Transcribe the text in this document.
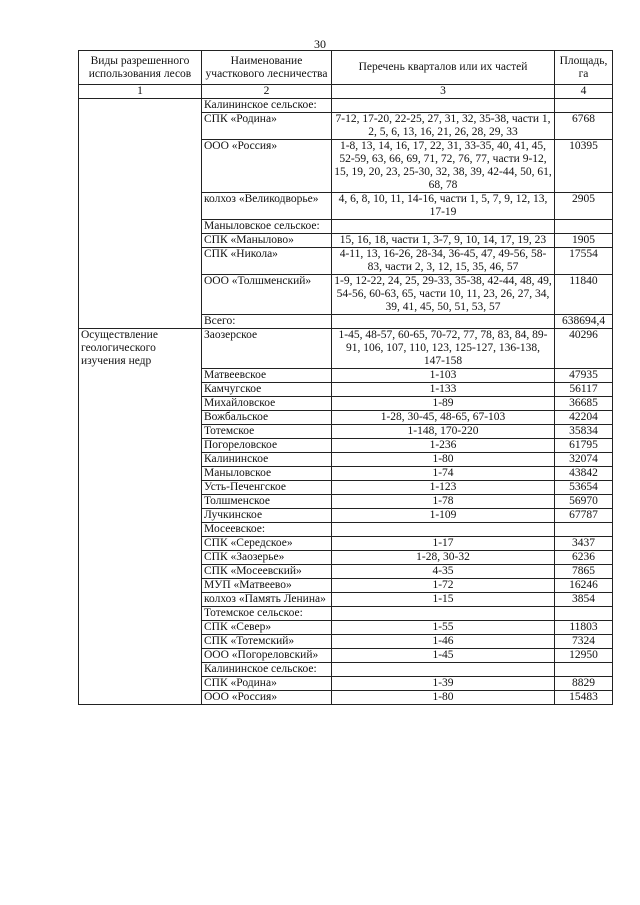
30
Виды разрешенного использования лесов	Наименование участкового лесничества	Перечень кварталов или их частей	Площадь, га
1	2	3	4
	Калининское сельское:		
	СПК «Родина»	7-12, 17-20, 22-25, 27, 31, 32, 35-38, части 1, 2, 5, 6, 13, 16, 21, 26, 28, 29, 33	6768
	ООО «Россия»	1-8, 13, 14, 16, 17, 22, 31, 33-35, 40, 41, 45, 52-59, 63, 66, 69, 71, 72, 76, 77, части 9-12, 15, 19, 20, 23, 25-30, 32, 38, 39, 42-44, 50, 61, 68, 78	10395
	колхоз «Великодворье»	4, 6, 8, 10, 11, 14-16, части 1, 5, 7, 9, 12, 13, 17-19	2905
	Маныловское сельское:		
	СПК «Манылово»	15, 16, 18, части 1, 3-7, 9, 10, 14, 17, 19, 23	1905
	СПК «Никола»	4-11, 13, 16-26, 28-34, 36-45, 47, 49-56, 58-83, части 2, 3, 12, 15, 35, 46, 57	17554
	ООО «Толшменский»	1-9, 12-22, 24, 25, 29-33, 35-38, 42-44, 48, 49, 54-56, 60-63, 65, части 10, 11, 23, 26, 27, 34, 39, 41, 45, 50, 51, 53, 57	11840
	Всего:		638694,4
Осуществление геологического изучения недр	Заозерское	1-45, 48-57, 60-65, 70-72, 77, 78, 83, 84, 89-91, 106, 107, 110, 123, 125-127, 136-138, 147-158	40296
	Матвеевское	1-103	47935
	Камчугское	1-133	56117
	Михайловское	1-89	36685
	Вожбальское	1-28, 30-45, 48-65, 67-103	42204
	Тотемское	1-148, 170-220	35834
	Погореловское	1-236	61795
	Калининское	1-80	32074
	Маныловское	1-74	43842
	Усть-Печенгское	1-123	53654
	Толшменское	1-78	56970
	Лучкинское	1-109	67787
	Мосеевское:		
	СПК «Середское»	1-17	3437
	СПК «Заозерье»	1-28, 30-32	6236
	СПК «Мосеевский»	4-35	7865
	МУП «Матвеево»	1-72	16246
	колхоз «Память Ленина»	1-15	3854
	Тотемское сельское:		
	СПК «Север»	1-55	11803
	СПК «Тотемский»	1-46	7324
	ООО «Погореловский»	1-45	12950
	Калининское сельское:		
	СПК «Родина»	1-39	8829
	ООО «Россия»	1-80	15483
